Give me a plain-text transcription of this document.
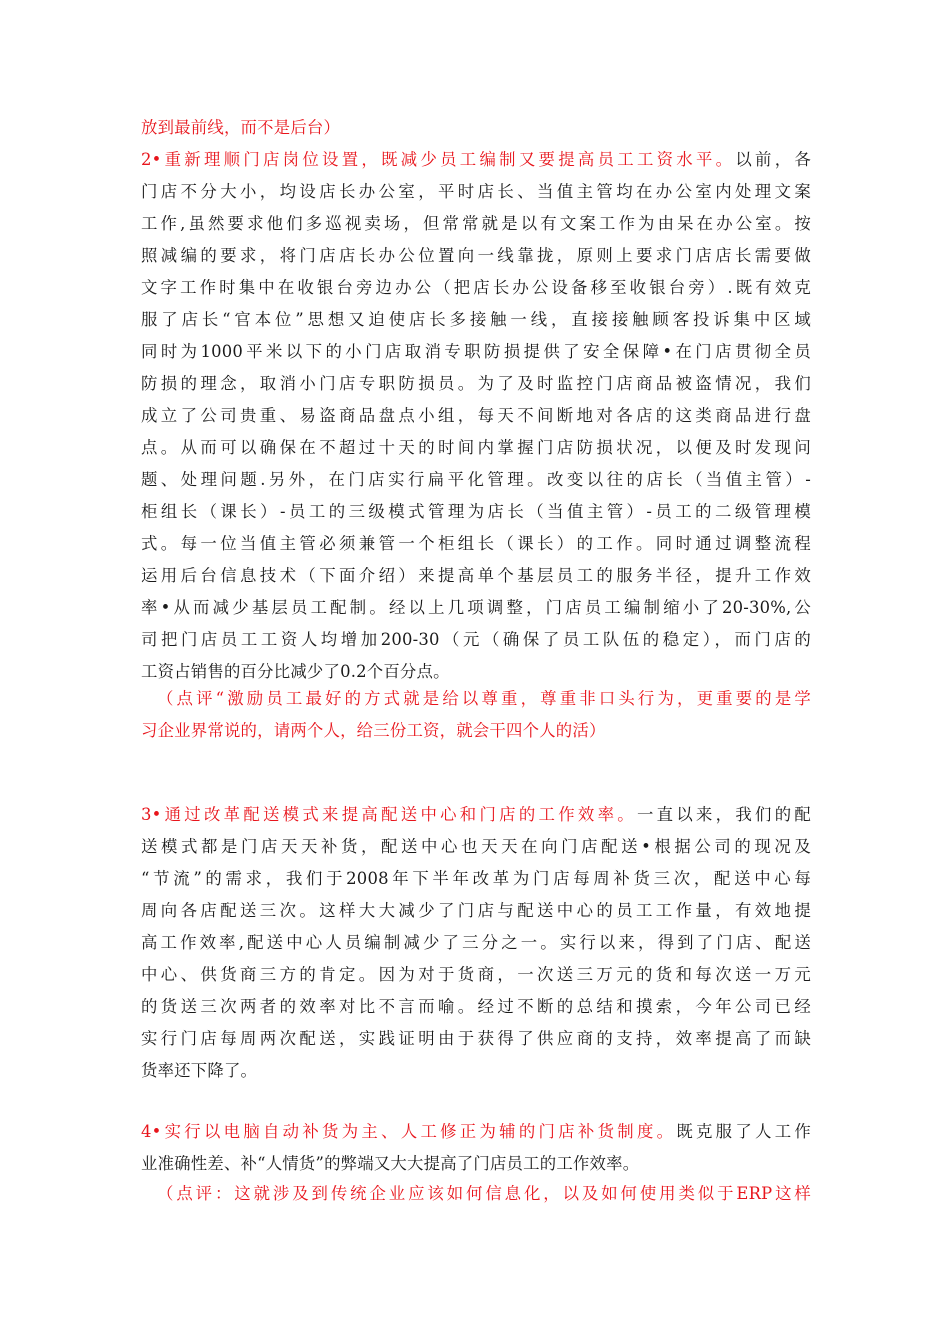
放到最前线，而不是后台）
2•重新理顺门店岗位设置，既减少员工编制又要提高员工工资水平。以前，各
门店不分大小，均设店长办公室，平时店长、当值主管均在办公室内处理文案
工作,虽然要求他们多巡视卖场，但常常就是以有文案工作为由呆在办公室。按
照减编的要求，将门店店长办公位置向一线靠拢，原则上要求门店店长需要做
文字工作时集中在收银台旁边办公（把店长办公设备移至收银台旁）.既有效克
服了店长“官本位”思想又迫使店长多接触一线，直接接触顾客投诉集中区域
同时为1000平米以下的小门店取消专职防损提供了安全保障•在门店贯彻全员
防损的理念，取消小门店专职防损员。为了及时监控门店商品被盗情况，我们
成立了公司贵重、易盗商品盘点小组，每天不间断地对各店的这类商品进行盘
点。从而可以确保在不超过十天的时间内掌握门店防损状况，以便及时发现问
题、处理问题.另外，在门店实行扁平化管理。改变以往的店长（当值主管）-
柜组长（课长）-员工的三级模式管理为店长（当值主管）-员工的二级管理模
式。每一位当值主管必须兼管一个柜组长（课长）的工作。同时通过调整流程
运用后台信息技术（下面介绍）来提高单个基层员工的服务半径，提升工作效
率•从而减少基层员工配制。经以上几项调整，门店员工编制缩小了20-30%,公
司把门店员工工资人均增加200-30（元（确保了员工队伍的稳定），而门店的
工资占销售的百分比减少了0.2个百分点。
（点评“激励员工最好的方式就是给以尊重，尊重非口头行为，更重要的是学
习企业界常说的，请两个人，给三份工资，就会干四个人的活）
3•通过改革配送模式来提高配送中心和门店的工作效率。一直以来，我们的配
送模式都是门店天天补货，配送中心也天天在向门店配送•根据公司的现况及
“节流”的需求，我们于2008年下半年改革为门店每周补货三次，配送中心每
周向各店配送三次。这样大大减少了门店与配送中心的员工工作量，有效地提
高工作效率,配送中心人员编制减少了三分之一。实行以来，得到了门店、配送
中心、供货商三方的肯定。因为对于货商，一次送三万元的货和每次送一万元
的货送三次两者的效率对比不言而喻。经过不断的总结和摸索，今年公司已经
实行门店每周两次配送，实践证明由于获得了供应商的支持，效率提高了而缺
货率还下降了。
4•实行以电脑自动补货为主、人工修正为辅的门店补货制度。既克服了人工作
业准确性差、补“人情货”的弊端又大大提高了门店员工的工作效率。
（点评：这就涉及到传统企业应该如何信息化，以及如何使用类似于ERP这样
